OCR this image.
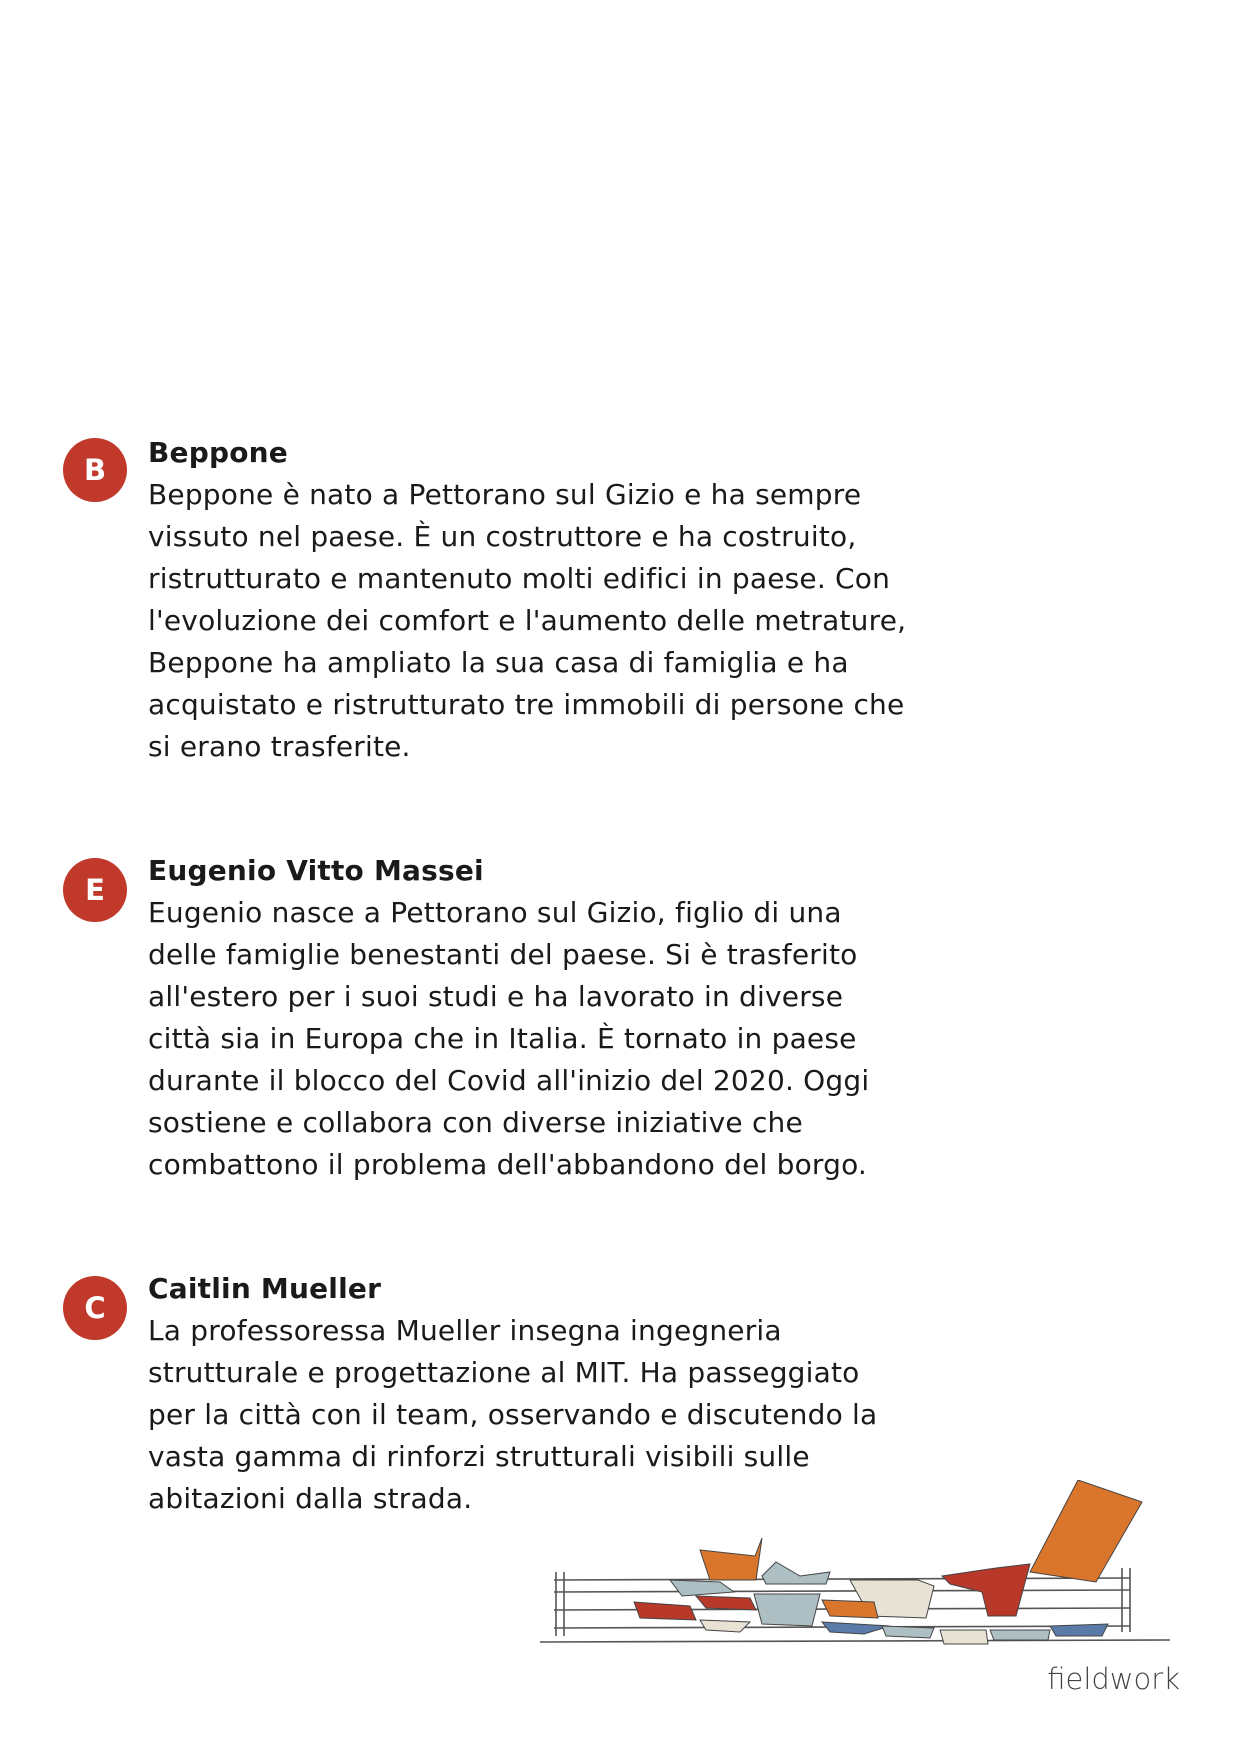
B
Beppone
Beppone è nato a Pettorano sul Gizio e ha sempre vissuto nel paese. È un costruttore e ha costruito, ristrutturato e mantenuto molti edifici in paese. Con l'evoluzione dei comfort e l'aumento delle metrature, Beppone ha ampliato la sua casa di famiglia e ha acquistato e ristrutturato tre immobili di persone che si erano trasferite.
E
Eugenio Vitto Massei
Eugenio nasce a Pettorano sul Gizio, figlio di una delle famiglie benestanti del paese. Si è trasferito all'estero per i suoi studi e ha lavorato in diverse città sia in Europa che in Italia. È tornato in paese durante il blocco del Covid all'inizio del 2020. Oggi sostiene e collabora con diverse iniziative che combattono il problema dell'abbandono del borgo.
C
Caitlin Mueller
La professoressa Mueller insegna ingegneria strutturale e progettazione al MIT. Ha passeggiato per la città con il team, osservando e discutendo la vasta gamma di rinforzi strutturali visibili sulle abitazioni dalla strada.
fieldwork
